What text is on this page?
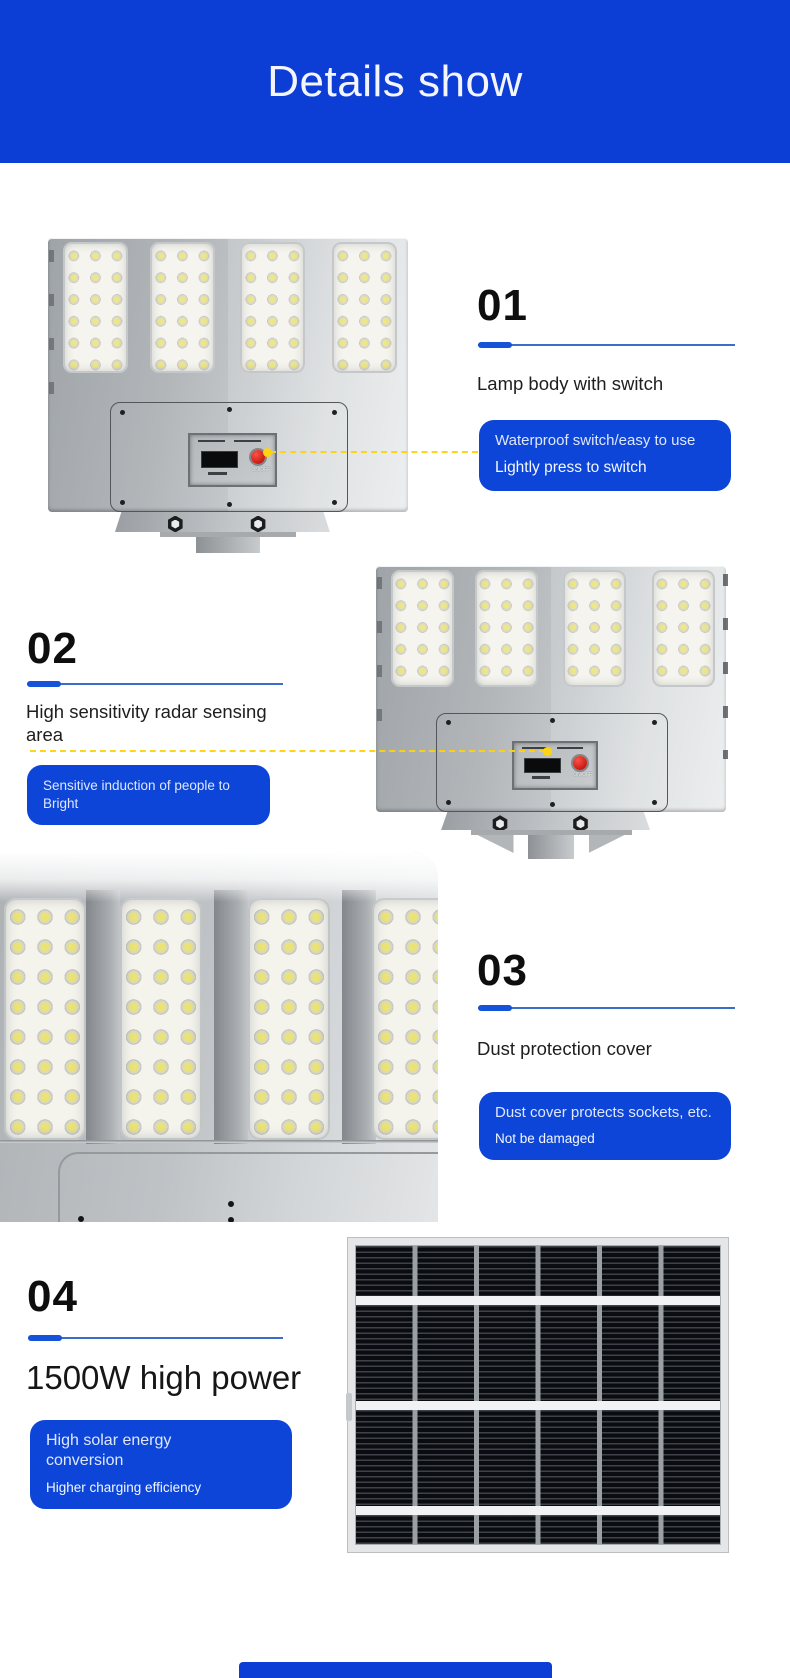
Details show
ON/OFF
01
Lamp body with switch
Waterproof switch/easy to use
Lightly press to switch
ON/OFF
02
High sensitivity radar sensing area
Sensitive induction of people to Bright
03
Dust protection cover
Dust cover protects sockets, etc.
Not be damaged
04
1500W high power
High solar energy conversion
Higher charging efficiency
